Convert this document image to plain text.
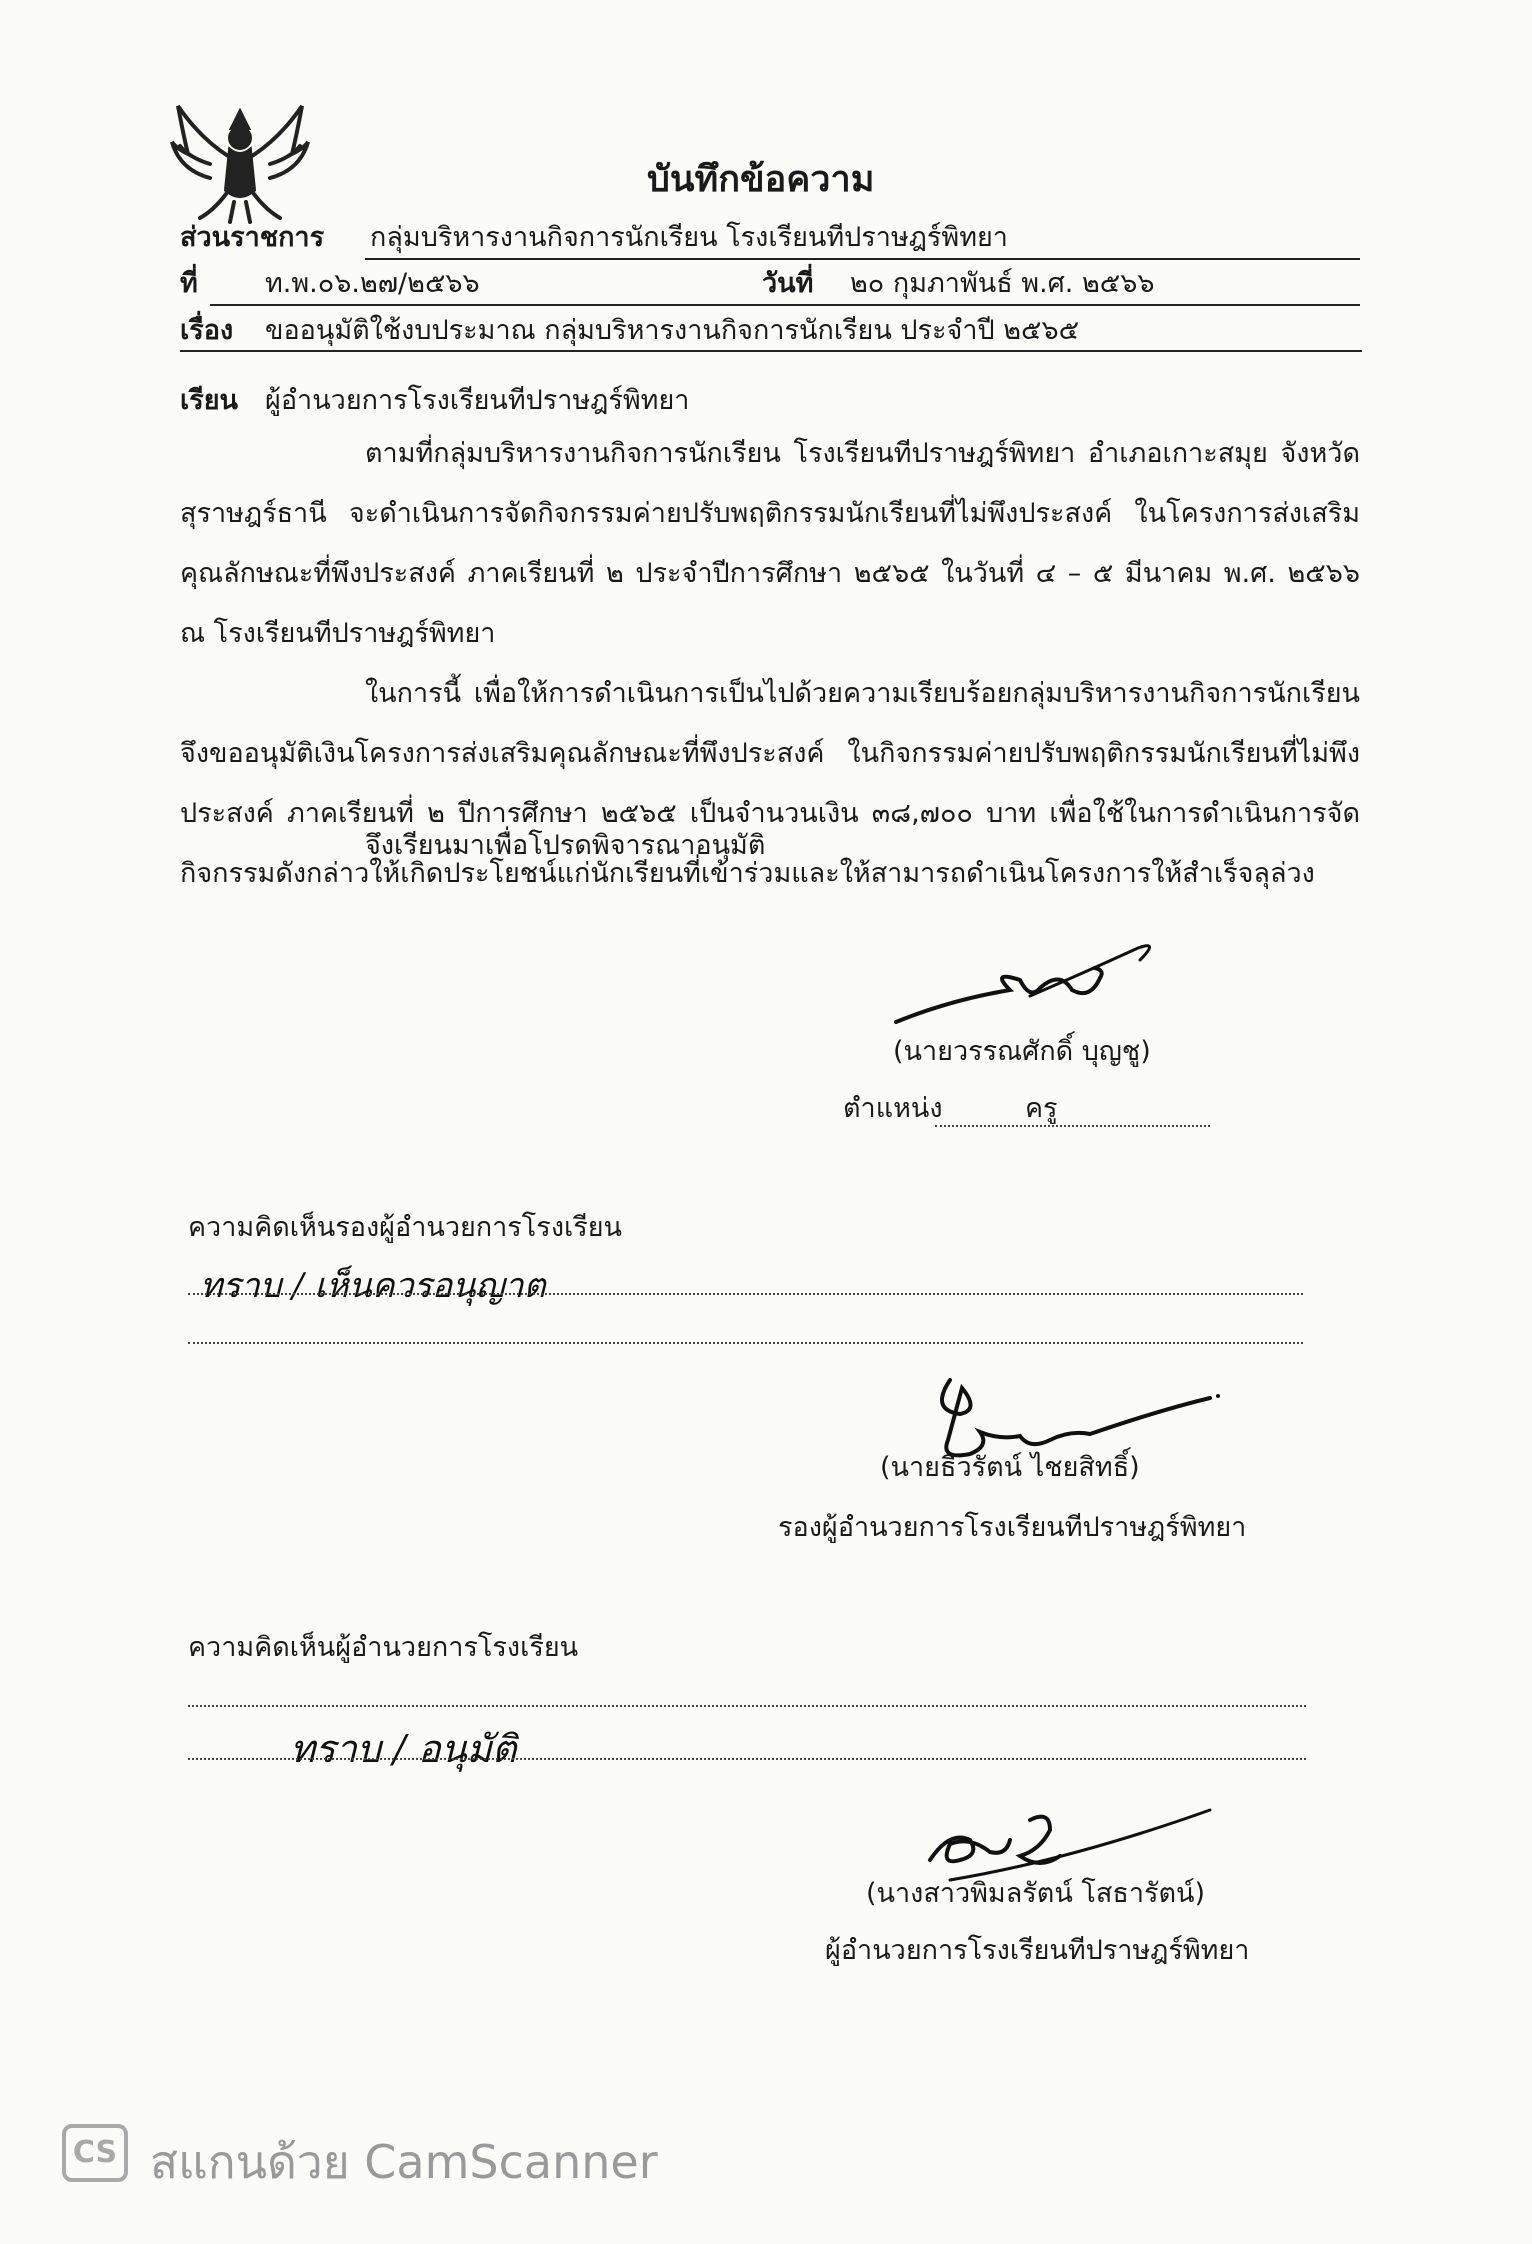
บันทึกข้อความ
ส่วนราชการ กลุ่มบริหารงานกิจการนักเรียน โรงเรียนทีปราษฎร์พิทยา
ที่ ท.พ.๐๖.๒๗/๒๕๖๖	วันที่ ๒๐ กุมภาพันธ์ พ.ศ. ๒๕๖๖
เรื่อง ขออนุมัติใช้งบประมาณ กลุ่มบริหารงานกิจการนักเรียน ประจำปี ๒๕๖๕
เรียน ผู้อำนวยการโรงเรียนทีปราษฎร์พิทยา
ตามที่กลุ่มบริหารงานกิจการนักเรียน โรงเรียนทีปราษฎร์พิทยา อำเภอเกาะสมุย จังหวัดสุราษฎร์ธานี จะดำเนินการจัดกิจกรรมค่ายปรับพฤติกรรมนักเรียนที่ไม่พึงประสงค์ ในโครงการส่งเสริมคุณลักษณะที่พึงประสงค์ ภาคเรียนที่ ๒ ประจำปีการศึกษา ๒๕๖๕ ในวันที่ ๔ – ๕ มีนาคม พ.ศ. ๒๕๖๖ ณ โรงเรียนทีปราษฎร์พิทยา
ในการนี้ เพื่อให้การดำเนินการเป็นไปด้วยความเรียบร้อยกลุ่มบริหารงานกิจการนักเรียน จึงขออนุมัติเงินโครงการส่งเสริมคุณลักษณะที่พึงประสงค์ ในกิจกรรมค่ายปรับพฤติกรรมนักเรียนที่ไม่พึงประสงค์ ภาคเรียนที่ ๒ ปีการศึกษา ๒๕๖๕ เป็นจำนวนเงิน ๓๘,๗๐๐ บาท เพื่อใช้ในการดำเนินการจัดกิจกรรมดังกล่าวให้เกิดประโยชน์แก่นักเรียนที่เข้าร่วมและให้สามารถดำเนินโครงการให้สำเร็จลุล่วง
จึงเรียนมาเพื่อโปรดพิจารณาอนุมัติ
(นายวรรณศักดิ์ บุญชู)
ตำแหน่ง	ครู
ความคิดเห็นรองผู้อำนวยการโรงเรียน
ทราบ / เห็นควรอนุญาต
(นายธีวรัตน์ ไชยสิทธิ์)
รองผู้อำนวยการโรงเรียนทีปราษฎร์พิทยา
ความคิดเห็นผู้อำนวยการโรงเรียน
ทราบ / อนุมัติ
(นางสาวพิมลรัตน์ โสธารัตน์)
ผู้อำนวยการโรงเรียนทีปราษฎร์พิทยา
CS สแกนด้วย CamScanner
